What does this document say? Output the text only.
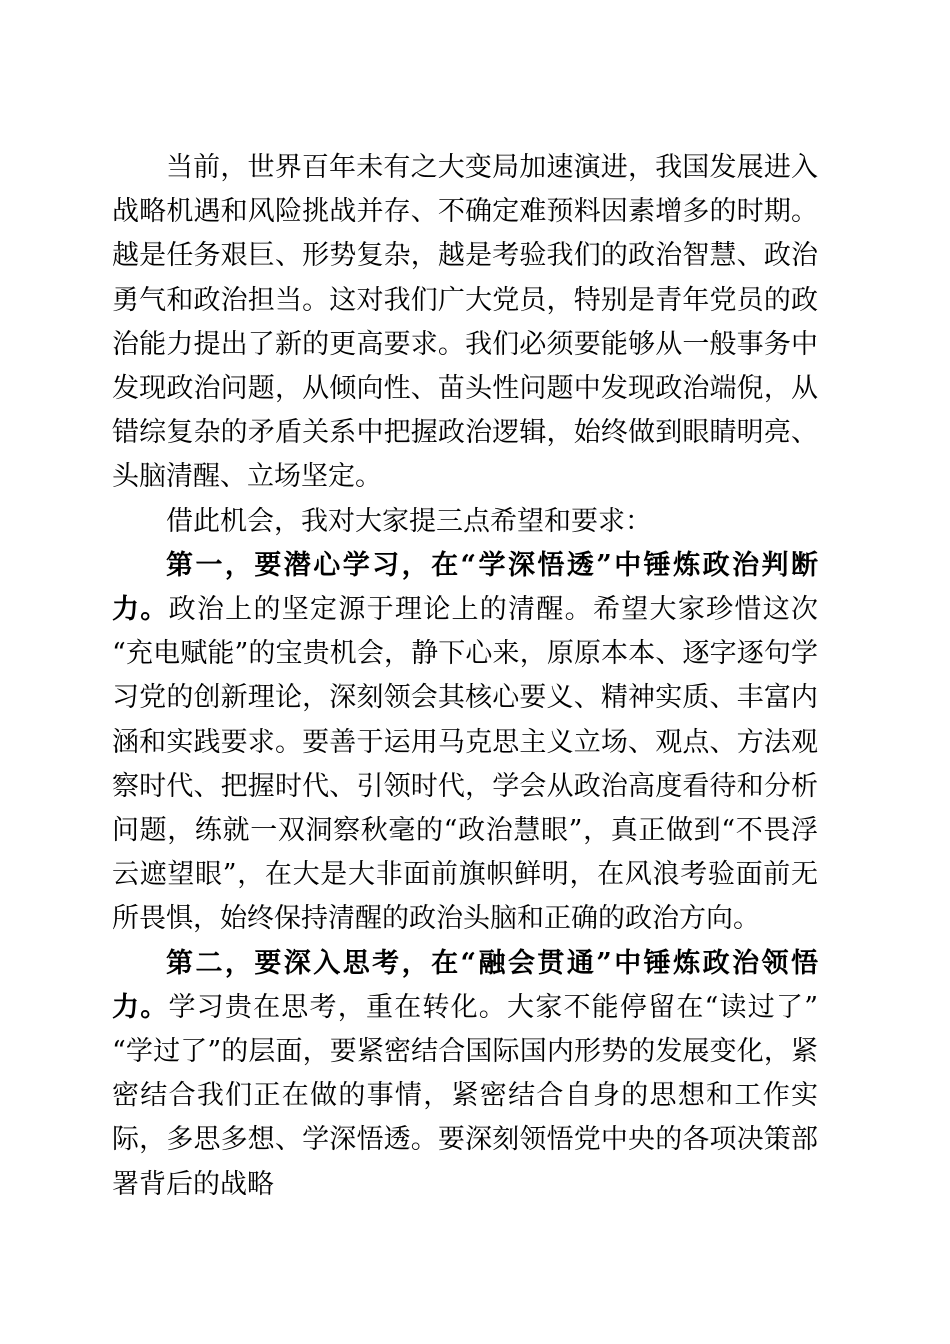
当前，世界百年未有之大变局加速演进，我国发展进入战略机遇和风险挑战并存、不确定难预料因素增多的时期。越是任务艰巨、形势复杂，越是考验我们的政治智慧、政治勇气和政治担当。这对我们广大党员，特别是青年党员的政治能力提出了新的更高要求。我们必须要能够从一般事务中发现政治问题，从倾向性、苗头性问题中发现政治端倪，从错综复杂的矛盾关系中把握政治逻辑，始终做到眼睛明亮、头脑清醒、立场坚定。

借此机会，我对大家提三点希望和要求：

第一，要潜心学习，在“学深悟透”中锤炼政治判断力。政治上的坚定源于理论上的清醒。希望大家珍惜这次“充电赋能”的宝贵机会，静下心来，原原本本、逐字逐句学习党的创新理论，深刻领会其核心要义、精神实质、丰富内涵和实践要求。要善于运用马克思主义立场、观点、方法观察时代、把握时代、引领时代，学会从政治高度看待和分析问题，练就一双洞察秋毫的“政治慧眼”，真正做到“不畏浮云遮望眼”，在大是大非面前旗帜鲜明，在风浪考验面前无所畏惧，始终保持清醒的政治头脑和正确的政治方向。

第二，要深入思考，在“融会贯通”中锤炼政治领悟力。学习贵在思考，重在转化。大家不能停留在“读过了”“学过了”的层面，要紧密结合国际国内形势的发展变化，紧密结合我们正在做的事情，紧密结合自身的思想和工作实际，多思多想、学深悟透。要深刻领悟党中央的各项决策部署背后的战略
